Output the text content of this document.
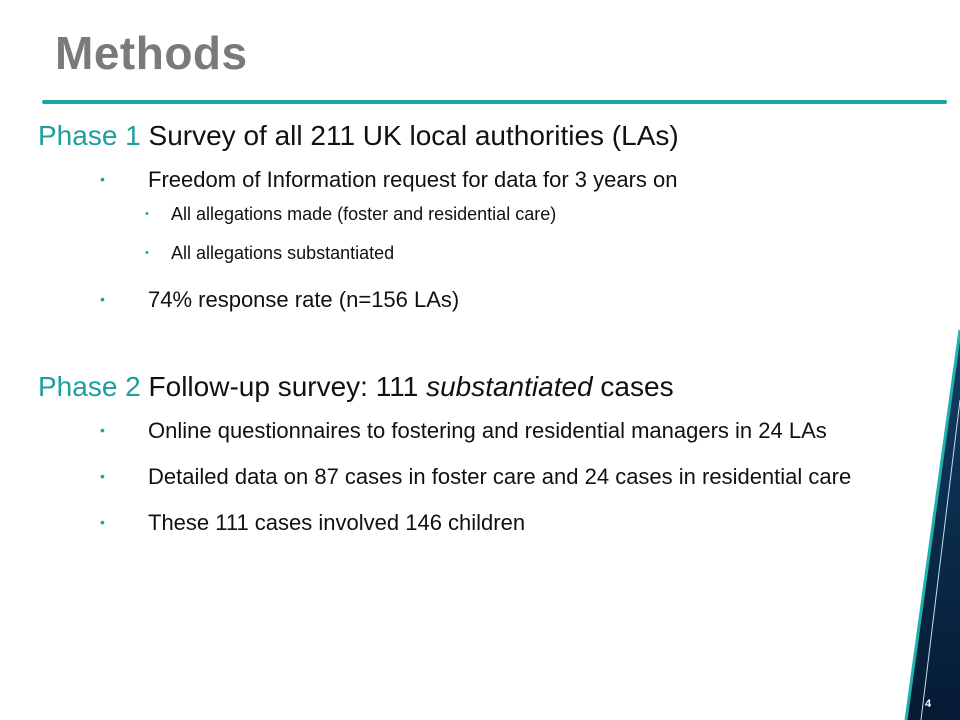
Methods

Phase 1 Survey of all 211 UK local authorities (LAs)

• Freedom of Information request for data for 3 years on
• All allegations made (foster and residential care)
• All allegations substantiated
• 74% response rate (n=156 LAs)

Phase 2 Follow-up survey: 111 substantiated cases

• Online questionnaires to fostering and residential managers in 24 LAs
• Detailed data on 87 cases in foster care and 24 cases in residential care
• These 111 cases involved 146 children
4
